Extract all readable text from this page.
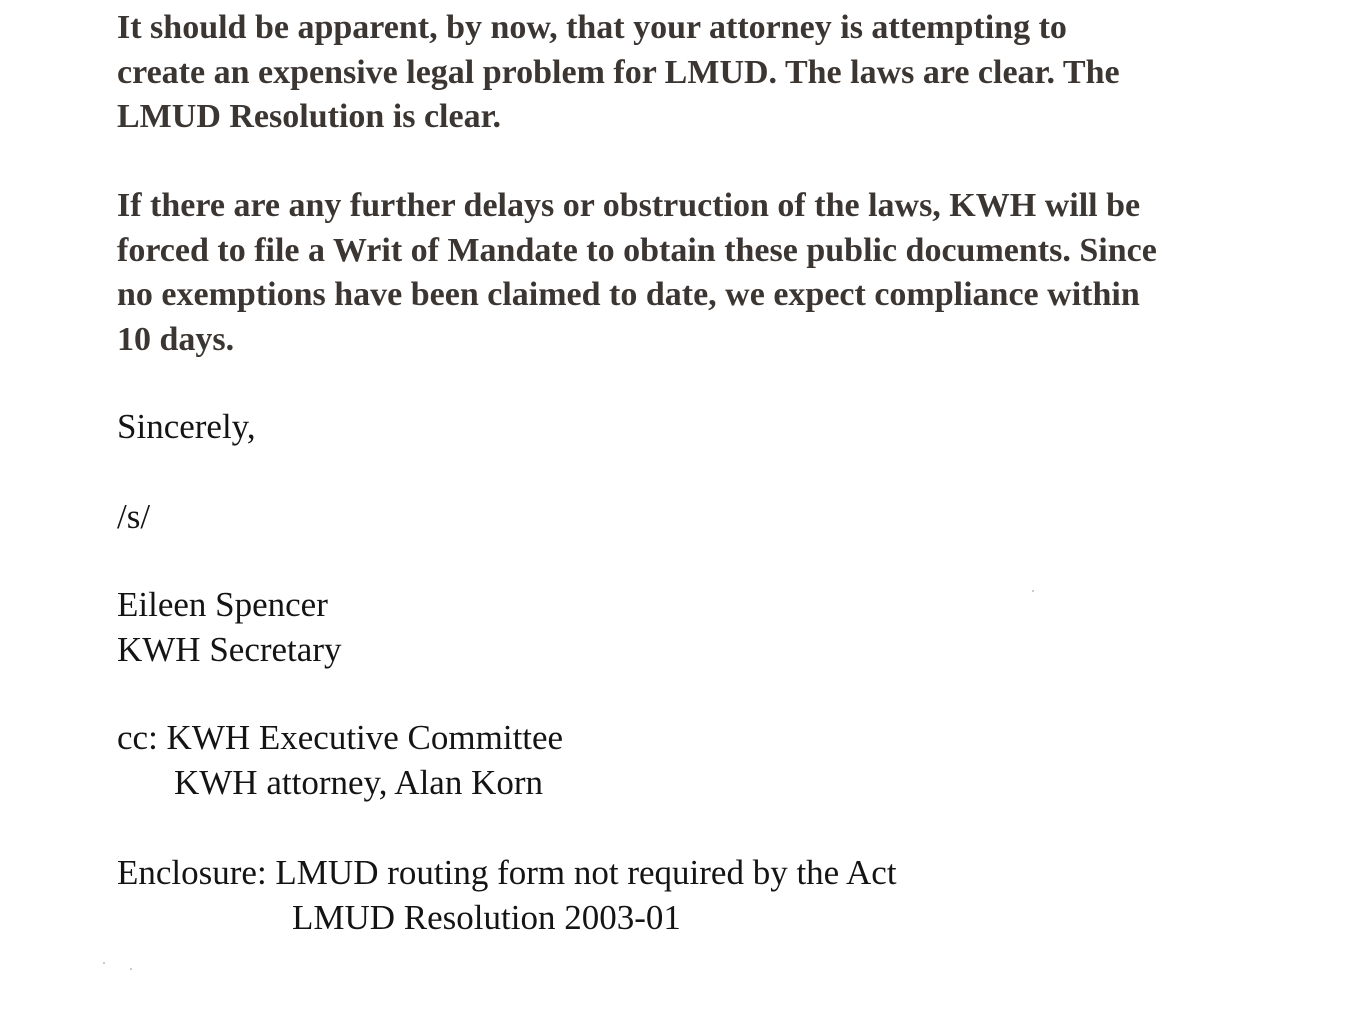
It should be apparent, by now, that your attorney is attempting to
create an expensive legal problem for LMUD. The laws are clear. The
LMUD Resolution is clear.
If there are any further delays or obstruction of the laws, KWH will be
forced to file a Writ of Mandate to obtain these public documents. Since
no exemptions have been claimed to date, we expect compliance within
10 days.
Sincerely,
/s/
Eileen Spencer
KWH Secretary
cc: KWH Executive Committee
KWH attorney, Alan Korn
Enclosure: LMUD routing form not required by the Act
LMUD Resolution 2003-01
